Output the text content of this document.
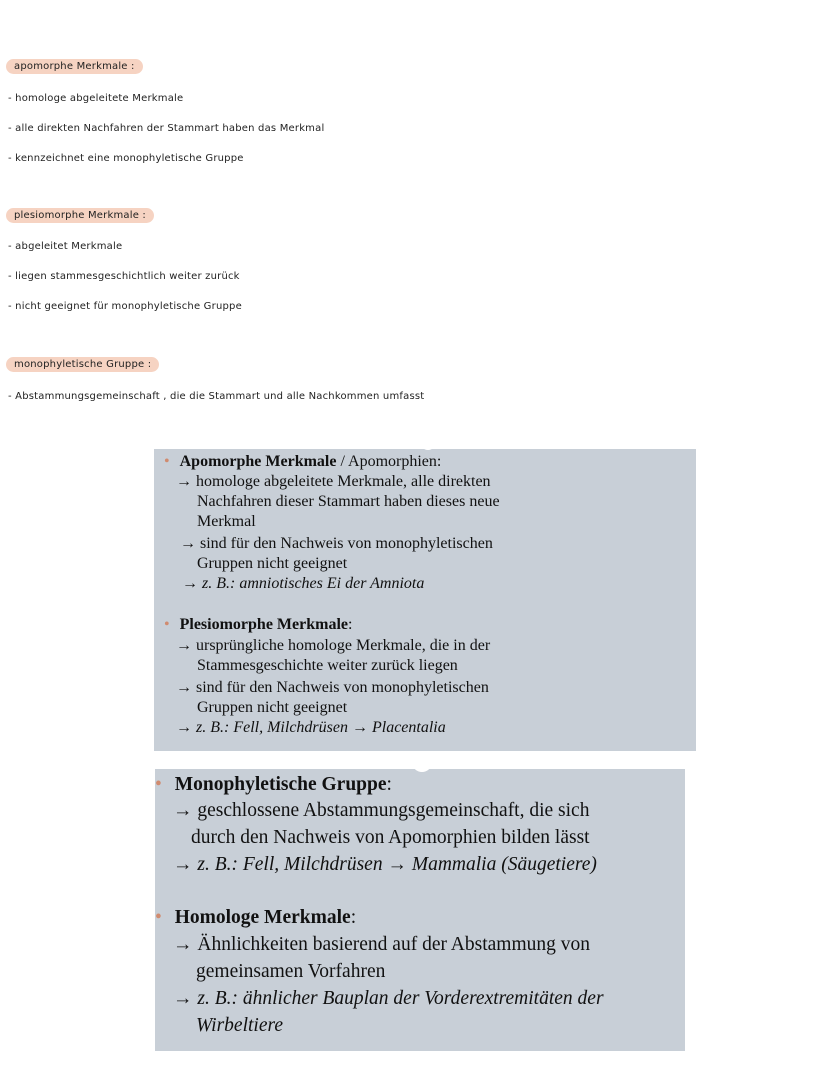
apomorphe Merkmale :
- homologe abgeleitete Merkmale
- alle direkten Nachfahren der Stammart haben das Merkmal
- kennzeichnet eine monophyletische Gruppe
plesiomorphe Merkmale :
- abgeleitet Merkmale
- liegen stammesgeschichtlich weiter zurück
- nicht geeignet für monophyletische Gruppe
monophyletische Gruppe :
- Abstammungsgemeinschaft , die die Stammart und alle Nachkommen umfasst
• Apomorphe Merkmale / Apomorphien:
→ homologe abgeleitete Merkmale, alle direkten
Nachfahren dieser Stammart haben dieses neue
Merkmal
→ sind für den Nachweis von monophyletischen
Gruppen nicht geeignet
→ z. B.: amniotisches Ei der Amniota
• Plesiomorphe Merkmale:
→ ursprüngliche homologe Merkmale, die in der
Stammesgeschichte weiter zurück liegen
→ sind für den Nachweis von monophyletischen
Gruppen nicht geeignet
→ z. B.: Fell, Milchdrüsen → Placentalia
• Monophyletische Gruppe:
→ geschlossene Abstammungsgemeinschaft, die sich
durch den Nachweis von Apomorphien bilden lässt
→ z. B.: Fell, Milchdrüsen → Mammalia (Säugetiere)
• Homologe Merkmale:
→ Ähnlichkeiten basierend auf der Abstammung von
gemeinsamen Vorfahren
→ z. B.: ähnlicher Bauplan der Vorderextremitäten der
Wirbeltiere
